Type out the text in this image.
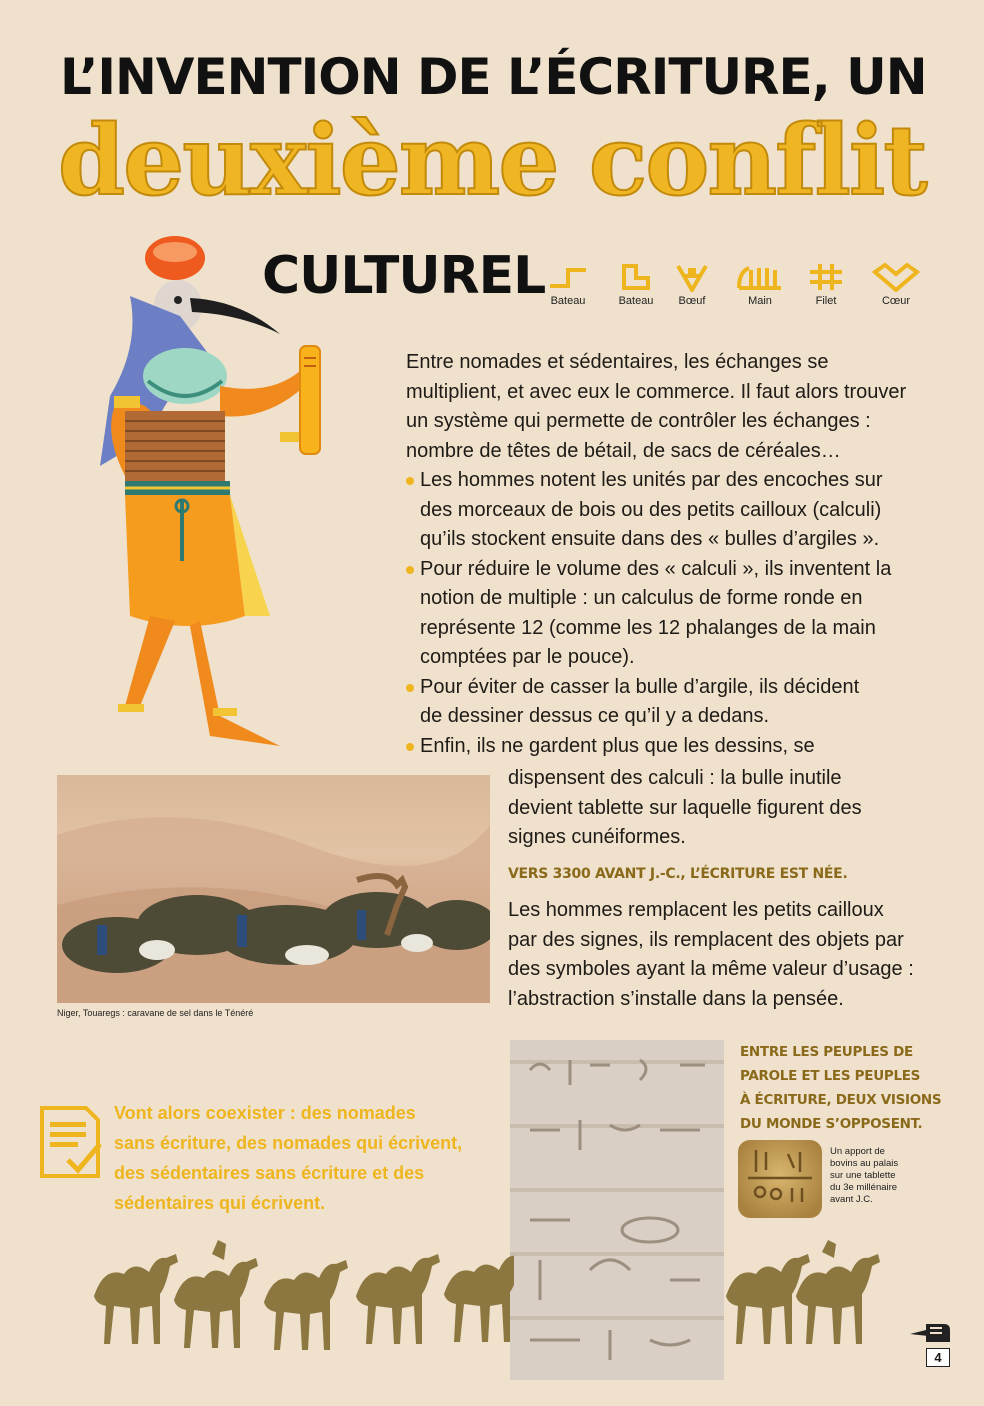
L’INVENTION DE L’ÉCRITURE, UN
deuxième conflit
CULTUREL Bateau	Bateau	Bœuf	Main	Filet	Cœur
Entre nomades et sédentaires, les échanges se
multiplient, et avec eux le commerce. Il faut alors trouver
un système qui permette de contrôler les échanges :
nombre de têtes de bétail, de sacs de céréales…
Les hommes notent les unités par des encoches sur
des morceaux de bois ou des petits cailloux (calculi)
qu’ils stockent ensuite dans des « bulles d’argiles ».
Pour réduire le volume des « calculi », ils inventent la
notion de multiple : un calculus de forme ronde en
représente 12 (comme les 12 phalanges de la main
comptées par le pouce).
Pour éviter de casser la bulle d’argile, ils décident
de dessiner dessus ce qu’il y a dedans.
Enfin, ils ne gardent plus que les dessins, se
dispensent des calculi : la bulle inutile
devient tablette sur laquelle figurent des
signes cunéiformes.
VERS 3300 AVANT J.-C., L’ÉCRITURE EST NÉE.
Les hommes remplacent les petits cailloux
par des signes, ils remplacent des objets par
des symboles ayant la même valeur d’usage :
l’abstraction s’installe dans la pensée.
Niger, Touaregs : caravane de sel dans le Ténéré
Vont alors coexister : des nomades
sans écriture, des nomades qui écrivent,
des sédentaires sans écriture et des
sédentaires qui écrivent.
ENTRE LES PEUPLES DE
PAROLE ET LES PEUPLES
À ÉCRITURE, DEUX VISIONS
DU MONDE S’OPPOSENT.
Un apport de
bovins au palais
sur une tablette
du 3e millénaire
avant J.C.
4
